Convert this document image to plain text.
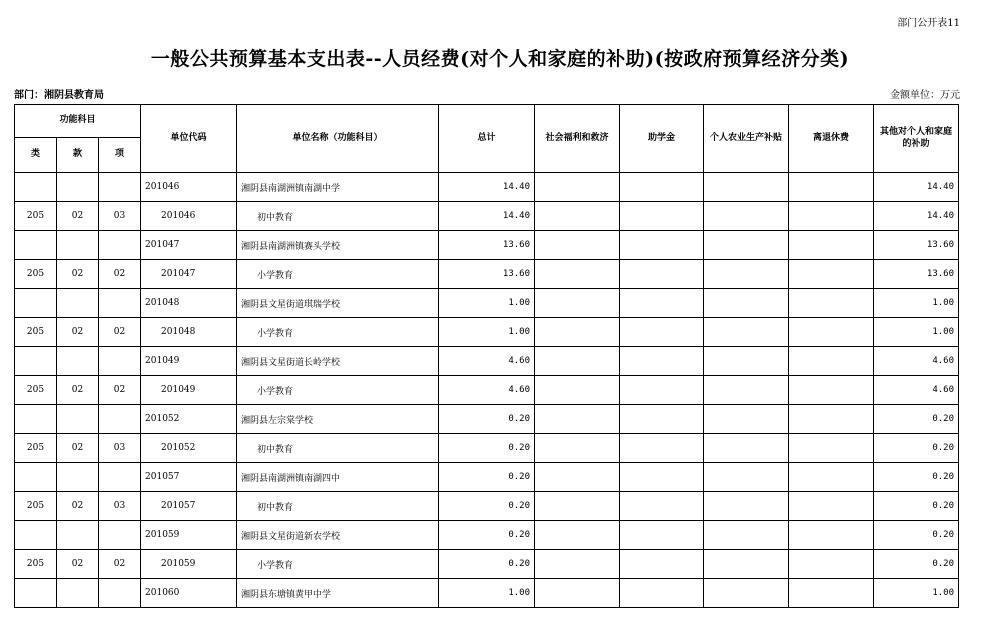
部门公开表11
一般公共预算基本支出表--人员经费(对个人和家庭的补助)(按政府预算经济分类)
部门：湘阴县教育局	金额单位：万元
功能科目			单位代码	单位名称（功能科目）	总计	社会福利和救济	助学金	个人农业生产补贴	离退休费	其他对个人和家庭的补助
类	款	项								
			201046	湘阴县南湖洲镇南湖中学	14.40					14.40
205	02	03	201046	初中教育	14.40					14.40
			201047	湘阴县南湖洲镇赛头学校	13.60					13.60
205	02	02	201047	小学教育	13.60					13.60
			201048	湘阴县文星街道琪瑞学校	1.00					1.00
205	02	02	201048	小学教育	1.00					1.00
			201049	湘阴县文星街道长岭学校	4.60					4.60
205	02	02	201049	小学教育	4.60					4.60
			201052	湘阴县左宗棠学校	0.20					0.20
205	02	03	201052	初中教育	0.20					0.20
			201057	湘阴县南湖洲镇南湖四中	0.20					0.20
205	02	03	201057	初中教育	0.20					0.20
			201059	湘阴县文星街道新农学校	0.20					0.20
205	02	02	201059	小学教育	0.20					0.20
			201060	湘阴县东塘镇黄甲中学	1.00					1.00
